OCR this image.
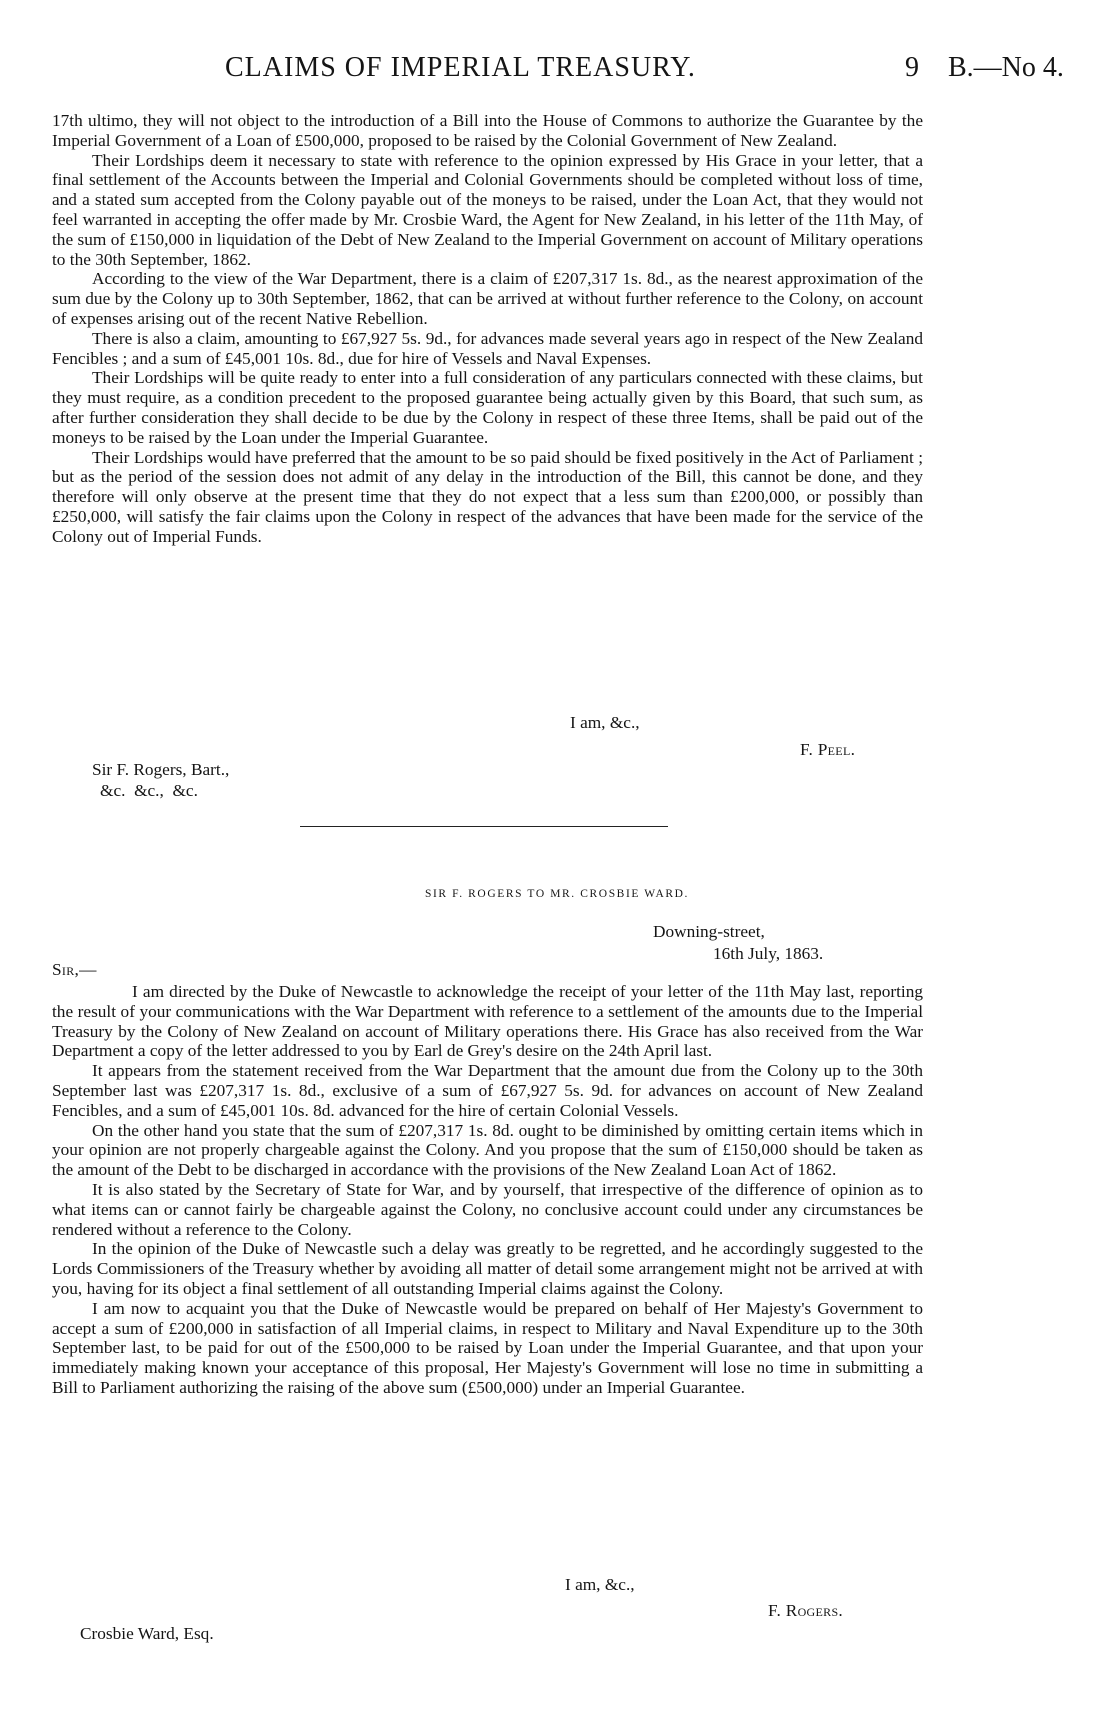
CLAIMS OF IMPERIAL TREASURY.	9 B.—No 4.

17th ultimo, they will not object to the introduction of a Bill into the House of Commons to authorize the Guarantee by the Imperial Government of a Loan of £500,000, proposed to be raised by the Colonial Government of New Zealand.

Their Lordships deem it necessary to state with reference to the opinion expressed by His Grace in your letter, that a final settlement of the Accounts between the Imperial and Colonial Governments should be completed without loss of time, and a stated sum accepted from the Colony payable out of the moneys to be raised, under the Loan Act, that they would not feel warranted in accepting the offer made by Mr. Crosbie Ward, the Agent for New Zealand, in his letter of the 11th May, of the sum of £150,000 in liquidation of the Debt of New Zealand to the Imperial Government on account of Military operations to the 30th September, 1862.

According to the view of the War Department, there is a claim of £207,317 1s. 8d., as the nearest approximation of the sum due by the Colony up to 30th September, 1862, that can be arrived at without further reference to the Colony, on account of expenses arising out of the recent Native Rebellion.

There is also a claim, amounting to £67,927 5s. 9d., for advances made several years ago in respect of the New Zealand Fencibles ; and a sum of £45,001 10s. 8d., due for hire of Vessels and Naval Expenses.

Their Lordships will be quite ready to enter into a full consideration of any particulars connected with these claims, but they must require, as a condition precedent to the proposed guarantee being actually given by this Board, that such sum, as after further consideration they shall decide to be due by the Colony in respect of these three Items, shall be paid out of the moneys to be raised by the Loan under the Imperial Guarantee.

Their Lordships would have preferred that the amount to be so paid should be fixed positively in the Act of Parliament ; but as the period of the session does not admit of any delay in the introduction of the Bill, this cannot be done, and they therefore will only observe at the present time that they do not expect that a less sum than £200,000, or possibly than £250,000, will satisfy the fair claims upon the Colony in respect of the advances that have been made for the service of the Colony out of Imperial Funds.

I am, &c.,
F. Peel.
Sir F. Rogers, Bart.,
&c.  &c.,  &c.
SIR F. ROGERS TO MR. CROSBIE WARD.
Downing-street,
16th July, 1863.
Sir,—

I am directed by the Duke of Newcastle to acknowledge the receipt of your letter of the 11th May last, reporting the result of your communications with the War Department with reference to a settlement of the amounts due to the Imperial Treasury by the Colony of New Zealand on account of Military operations there. His Grace has also received from the War Department a copy of the letter addressed to you by Earl de Grey's desire on the 24th April last.

It appears from the statement received from the War Department that the amount due from the Colony up to the 30th September last was £207,317 1s. 8d., exclusive of a sum of £67,927 5s. 9d. for advances on account of New Zealand Fencibles, and a sum of £45,001 10s. 8d. advanced for the hire of certain Colonial Vessels.

On the other hand you state that the sum of £207,317 1s. 8d. ought to be diminished by omitting certain items which in your opinion are not properly chargeable against the Colony. And you propose that the sum of £150,000 should be taken as the amount of the Debt to be discharged in accordance with the provisions of the New Zealand Loan Act of 1862.

It is also stated by the Secretary of State for War, and by yourself, that irrespective of the difference of opinion as to what items can or cannot fairly be chargeable against the Colony, no conclusive account could under any circumstances be rendered without a reference to the Colony.

In the opinion of the Duke of Newcastle such a delay was greatly to be regretted, and he accordingly suggested to the Lords Commissioners of the Treasury whether by avoiding all matter of detail some arrangement might not be arrived at with you, having for its object a final settlement of all outstanding Imperial claims against the Colony.

I am now to acquaint you that the Duke of Newcastle would be prepared on behalf of Her Majesty's Government to accept a sum of £200,000 in satisfaction of all Imperial claims, in respect to Military and Naval Expenditure up to the 30th September last, to be paid for out of the £500,000 to be raised by Loan under the Imperial Guarantee, and that upon your immediately making known your acceptance of this proposal, Her Majesty's Government will lose no time in submitting a Bill to Parliament authorizing the raising of the above sum (£500,000) under an Imperial Guarantee.

I am, &c.,
F. Rogers.
Crosbie Ward, Esq.
